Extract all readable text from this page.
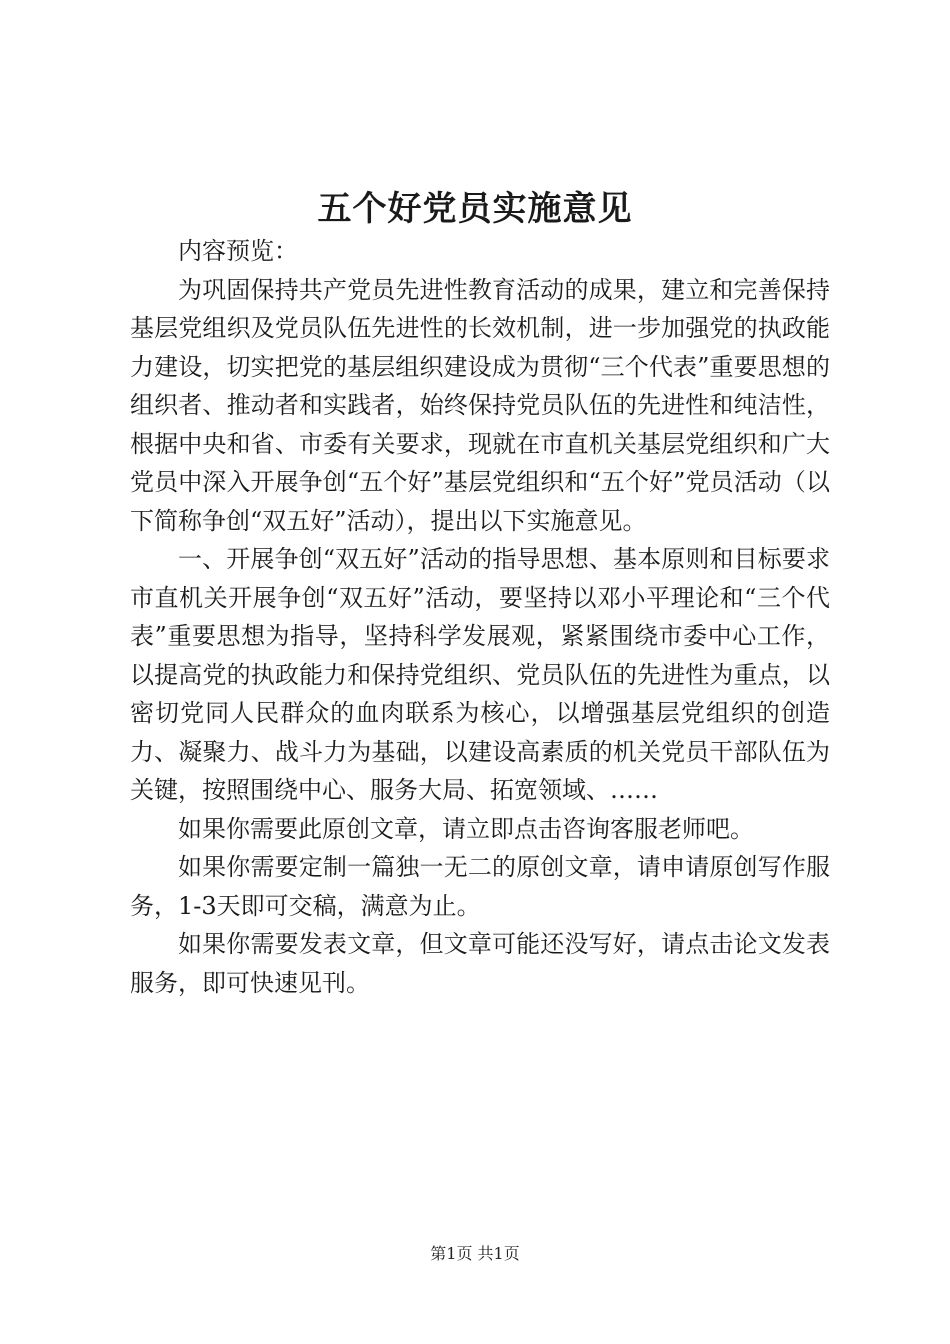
五个好党员实施意见

内容预览：

为巩固保持共产党员先进性教育活动的成果，建立和完善保持基层党组织及党员队伍先进性的长效机制，进一步加强党的执政能力建设，切实把党的基层组织建设成为贯彻“三个代表”重要思想的组织者、推动者和实践者，始终保持党员队伍的先进性和纯洁性，根据中央和省、市委有关要求，现就在市直机关基层党组织和广大党员中深入开展争创“五个好”基层党组织和“五个好”党员活动（以下简称争创“双五好”活动），提出以下实施意见。

一、开展争创“双五好”活动的指导思想、基本原则和目标要求市直机关开展争创“双五好”活动，要坚持以邓小平理论和“三个代表”重要思想为指导，坚持科学发展观，紧紧围绕市委中心工作，以提高党的执政能力和保持党组织、党员队伍的先进性为重点，以密切党同人民群众的血肉联系为核心，以增强基层党组织的创造力、凝聚力、战斗力为基础，以建设高素质的机关党员干部队伍为关键，按照围绕中心、服务大局、拓宽领域、……

如果你需要此原创文章，请立即点击咨询客服老师吧。

如果你需要定制一篇独一无二的原创文章，请申请原创写作服务，1-3天即可交稿，满意为止。

如果你需要发表文章，但文章可能还没写好，请点击论文发表服务，即可快速见刊。

第1页 共1页
